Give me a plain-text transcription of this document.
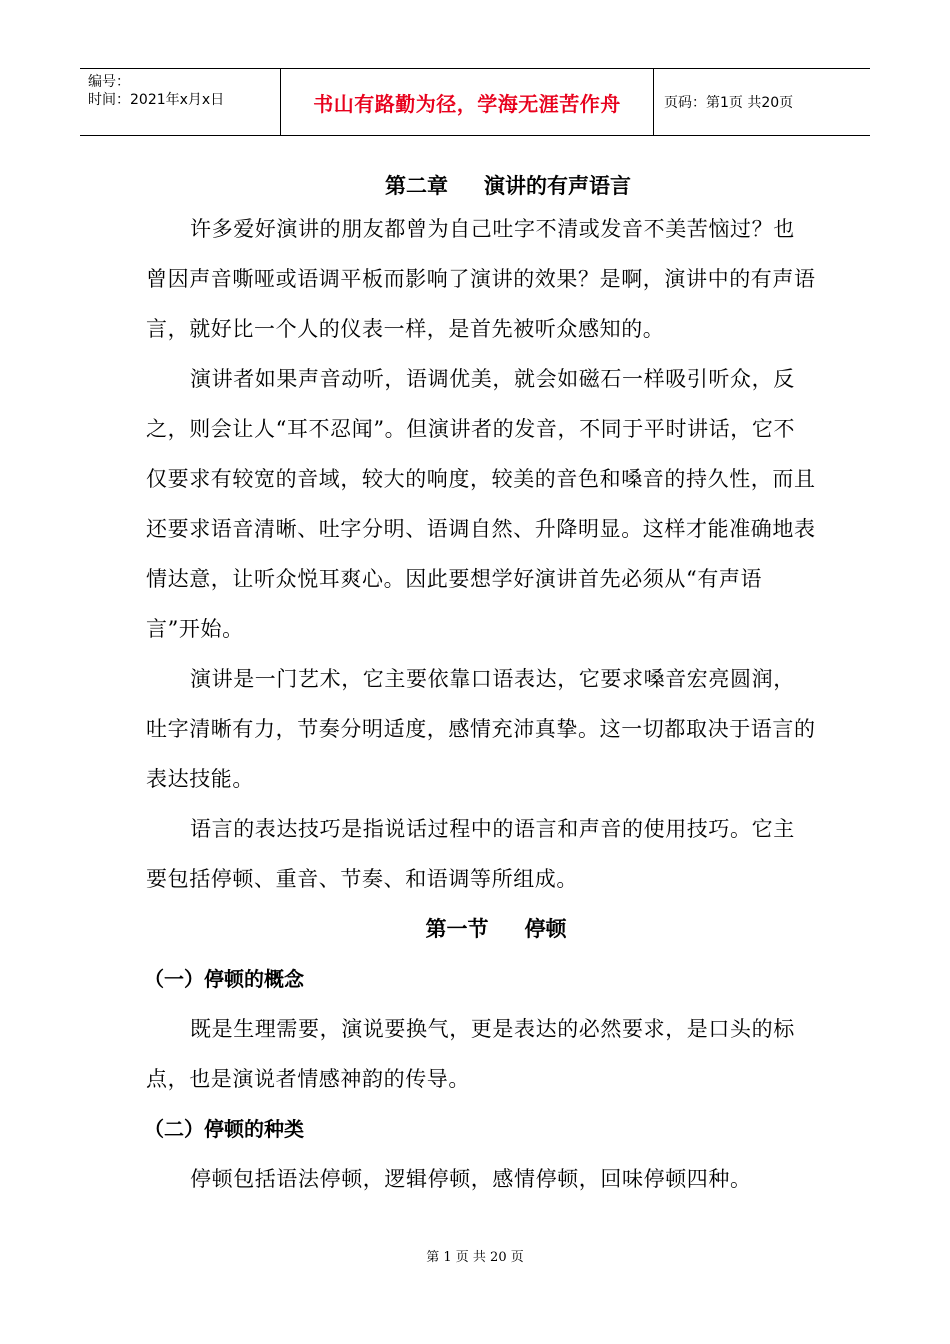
编号：
时间：2021年x月x日	书山有路勤为径，学海无涯苦作舟	页码：第1页 共20页
第二章 演讲的有声语言

许多爱好演讲的朋友都曾为自己吐字不清或发音不美苦恼过？也曾因声音嘶哑或语调平板而影响了演讲的效果？是啊，演讲中的有声语言，就好比一个人的仪表一样，是首先被听众感知的。

演讲者如果声音动听，语调优美，就会如磁石一样吸引听众，反之，则会让人“耳不忍闻”。但演讲者的发音，不同于平时讲话，它不仅要求有较宽的音域，较大的响度，较美的音色和嗓音的持久性，而且还要求语音清晰、吐字分明、语调自然、升降明显。这样才能准确地表情达意，让听众悦耳爽心。因此要想学好演讲首先必须从“有声语言”开始。

演讲是一门艺术，它主要依靠口语表达，它要求嗓音宏亮圆润，吐字清晰有力，节奏分明适度，感情充沛真挚。这一切都取决于语言的表达技能。

语言的表达技巧是指说话过程中的语言和声音的使用技巧。它主要包括停顿、重音、节奏、和语调等所组成。

第一节 停顿
（一）停顿的概念

既是生理需要，演说要换气，更是表达的必然要求，是口头的标点，也是演说者情感神韵的传导。

（二）停顿的种类

停顿包括语法停顿，逻辑停顿，感情停顿，回味停顿四种。

第 1 页 共 20 页
